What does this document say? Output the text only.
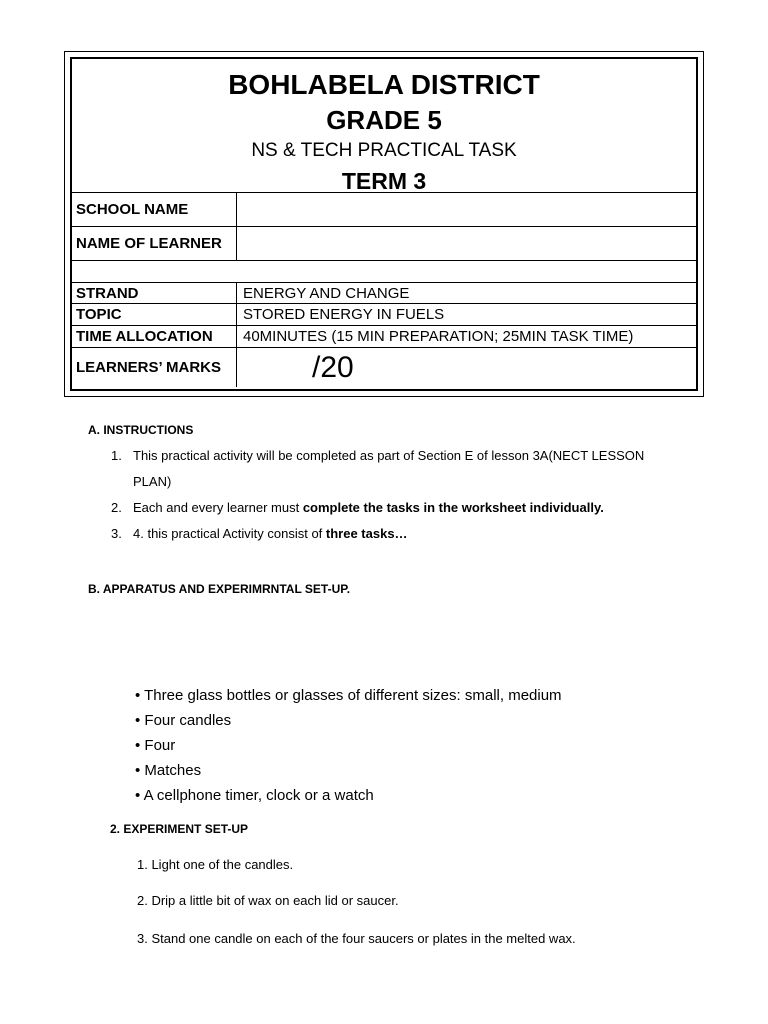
BOHLABELA DISTRICT
GRADE 5
NS & TECH PRACTICAL TASK
TERM 3
SCHOOL NAME
NAME OF LEARNER
STRAND	ENERGY AND CHANGE
TOPIC	STORED ENERGY IN FUELS
TIME ALLOCATION	40MINUTES (15 MIN PREPARATION; 25MIN TASK TIME)
LEARNERS’ MARKS	/20
A. INSTRUCTIONS
1. This practical activity will be completed as part of Section E of lesson 3A(NECT LESSON
PLAN)
2. Each and every learner must complete the tasks in the worksheet individually.
3. 4. this practical Activity consist of three tasks…
B. APPARATUS AND EXPERIMRNTAL SET-UP.
• Three glass bottles or glasses of different sizes: small, medium
• Four candles
• Four
• Matches
• A cellphone timer, clock or a watch
2. EXPERIMENT SET-UP
1. Light one of the candles.
2. Drip a little bit of wax on each lid or saucer.
3. Stand one candle on each of the four saucers or plates in the melted wax.
